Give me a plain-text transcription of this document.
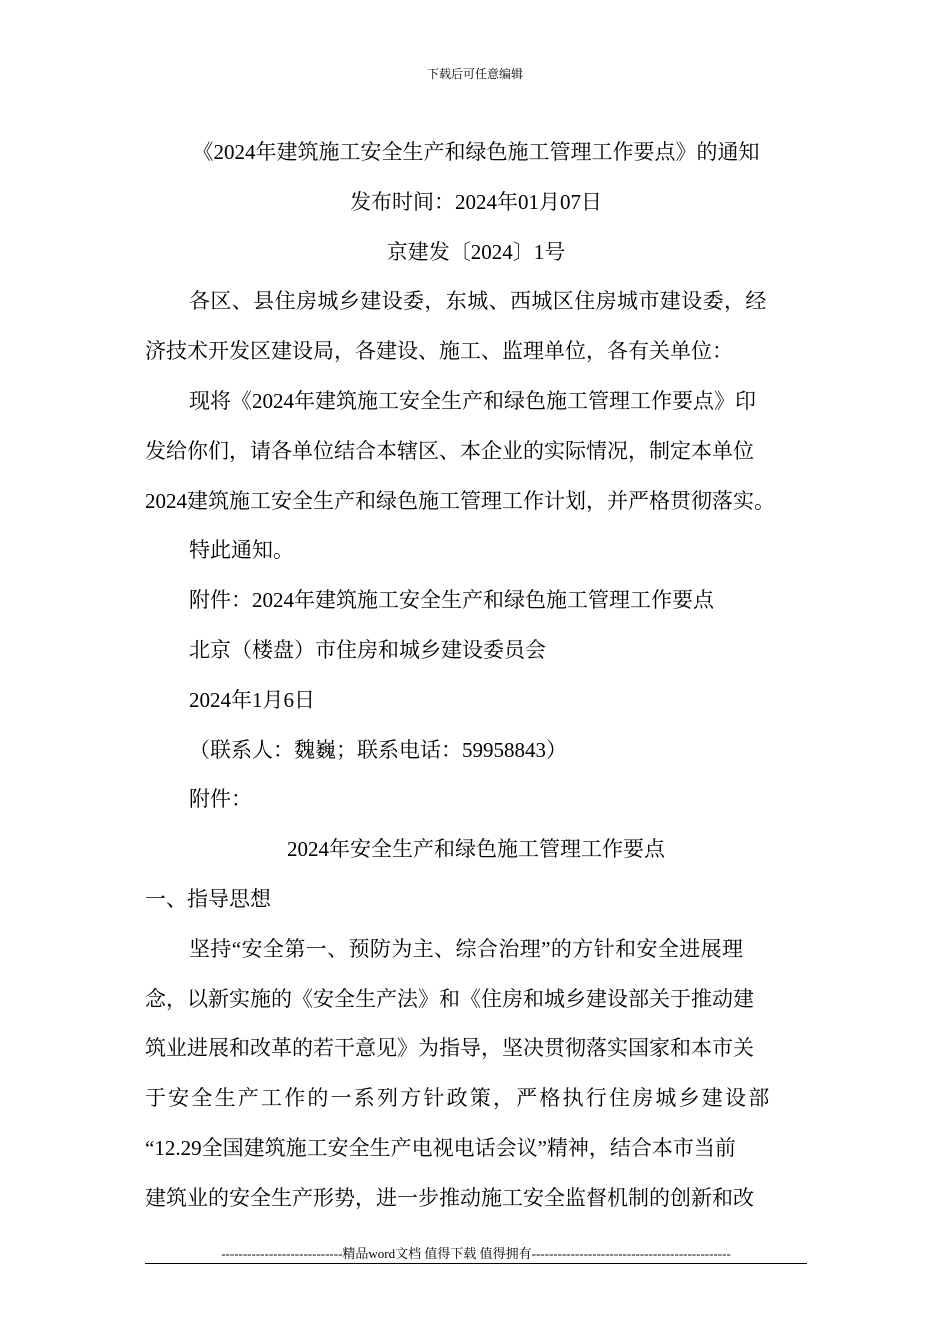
下载后可任意编辑
《2024年建筑施工安全生产和绿色施工管理工作要点》的通知
发布时间：2024年01月07日
京建发〔2024〕1号
各区、县住房城乡建设委，东城、西城区住房城市建设委，经
济技术开发区建设局，各建设、施工、监理单位，各有关单位：
现将《2024年建筑施工安全生产和绿色施工管理工作要点》印
发给你们，请各单位结合本辖区、本企业的实际情况，制定本单位
2024建筑施工安全生产和绿色施工管理工作计划，并严格贯彻落实。
特此通知。
附件：2024年建筑施工安全生产和绿色施工管理工作要点
北京（楼盘）市住房和城乡建设委员会
2024年1月6日
（联系人：魏巍；联系电话：59958843）
附件：
2024年安全生产和绿色施工管理工作要点
一、指导思想
坚持“安全第一、预防为主、综合治理”的方针和安全进展理
念，以新实施的《安全生产法》和《住房和城乡建设部关于推动建
筑业进展和改革的若干意见》为指导，坚决贯彻落实国家和本市关
于安全生产工作的一系列方针政策，严格执行住房城乡建设部
“12.29全国建筑施工安全生产电视电话会议”精神，结合本市当前
建筑业的安全生产形势，进一步推动施工安全监督机制的创新和改
----------------------------精品word文档 值得下载 值得拥有----------------------------------------------
